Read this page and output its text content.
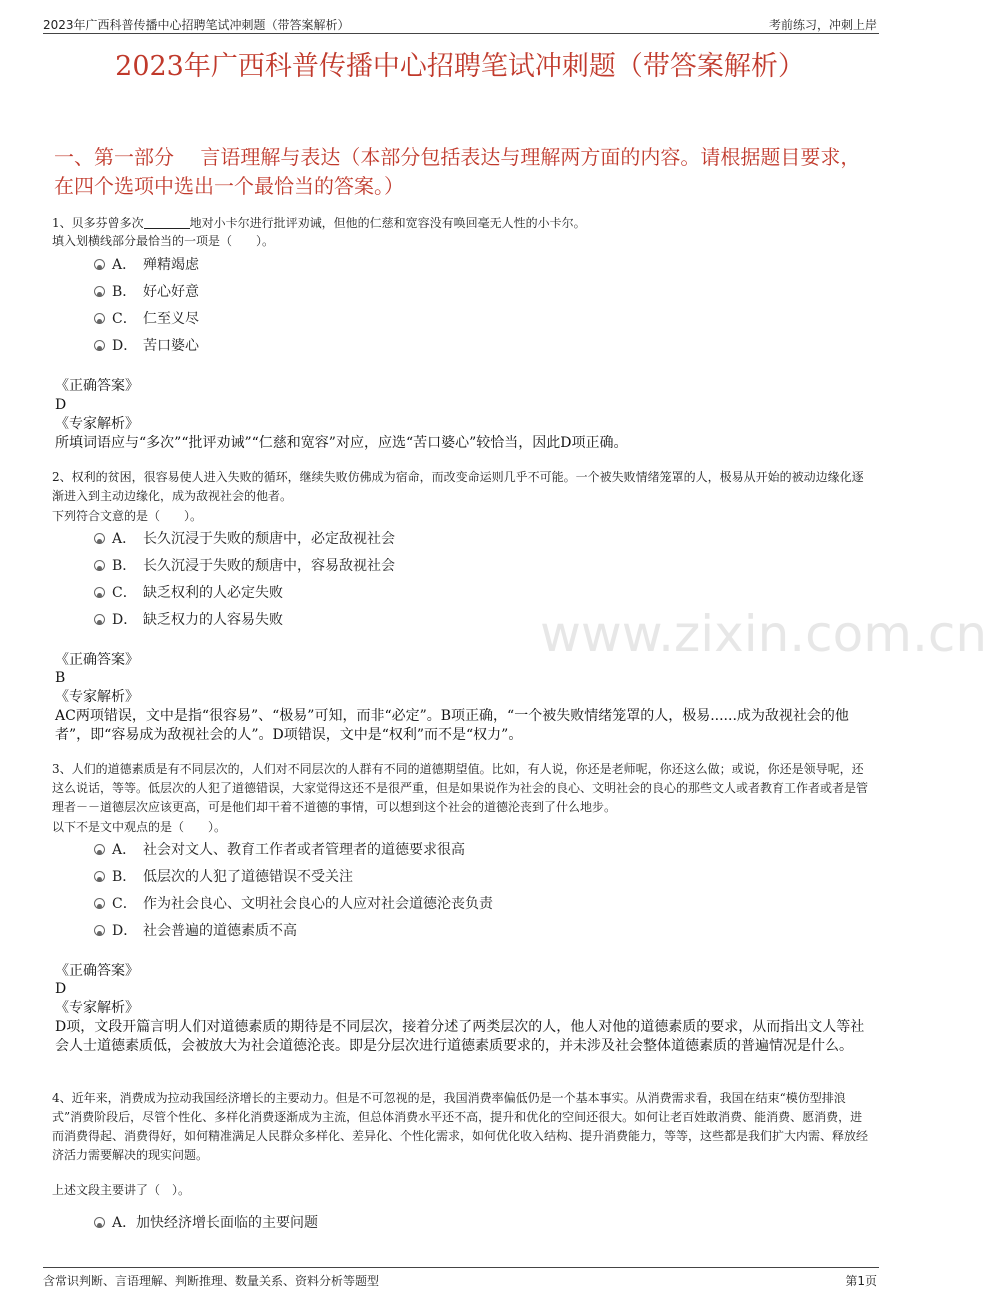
2023年广西科普传播中心招聘笔试冲刺题（带答案解析）	考前练习，冲刺上岸
2023年广西科普传播中心招聘笔试冲刺题（带答案解析）
一、第一部分　 言语理解与表达（本部分包括表达与理解两方面的内容。请根据题目要求，在四个选项中选出一个最恰当的答案。）
www.zixin.com.cn
1、贝多芬曾多次	地对小卡尔进行批评劝诫，但他的仁慈和宽容没有唤回毫无人性的小卡尔。
填入划横线部分最恰当的一项是（　　）。
A． 殚精竭虑
B． 好心好意
C． 仁至义尽
D． 苦口婆心
《正确答案》
D
《专家解析》
所填词语应与“多次”“批评劝诫”“仁慈和宽容”对应，应选“苦口婆心”较恰当，因此D项正确。
2、权利的贫困，很容易使人进入失败的循环，继续失败仿佛成为宿命，而改变命运则几乎不可能。一个被失败情绪笼罩的人，极易从开始的被动边缘化逐渐进入到主动边缘化，成为敌视社会的他者。
下列符合文意的是（　　）。
A． 长久沉浸于失败的颓唐中，必定敌视社会
B． 长久沉浸于失败的颓唐中，容易敌视社会
C． 缺乏权利的人必定失败
D． 缺乏权力的人容易失败
《正确答案》
B
《专家解析》
AC两项错误，文中是指“很容易”、“极易”可知，而非“必定”。B项正确，“一个被失败情绪笼罩的人，极易......成为敌视社会的他者”，即“容易成为敌视社会的人”。D项错误，文中是“权利”而不是“权力”。
3、人们的道德素质是有不同层次的，人们对不同层次的人群有不同的道德期望值。比如，有人说，你还是老师呢，你还这么做；或说，你还是领导呢，还这么说话，等等。低层次的人犯了道德错误，大家觉得这还不是很严重，但是如果说作为社会的良心、文明社会的良心的那些文人或者教育工作者或者是管理者－－道德层次应该更高，可是他们却干着不道德的事情，可以想到这个社会的道德沦丧到了什么地步。
以下不是文中观点的是（　　）。
A． 社会对文人、教育工作者或者管理者的道德要求很高
B． 低层次的人犯了道德错误不受关注
C． 作为社会良心、文明社会良心的人应对社会道德沦丧负责
D． 社会普遍的道德素质不高
《正确答案》
D
《专家解析》
D项，文段开篇言明人们对道德素质的期待是不同层次，接着分述了两类层次的人，他人对他的道德素质的要求，从而指出文人等社会人士道德素质低，会被放大为社会道德沦丧。即是分层次进行道德素质要求的，并未涉及社会整体道德素质的普遍情况是什么。
4、近年来，消费成为拉动我国经济增长的主要动力。但是不可忽视的是，我国消费率偏低仍是一个基本事实。从消费需求看，我国在结束“模仿型排浪式”消费阶段后，尽管个性化、多样化消费逐渐成为主流，但总体消费水平还不高，提升和优化的空间还很大。如何让老百姓敢消费、能消费、愿消费，进而消费得起、消费得好，如何精准满足人民群众多样化、差异化、个性化需求，如何优化收入结构、提升消费能力，等等，这些都是我们扩大内需、释放经济活力需要解决的现实问题。
上述文段主要讲了（　）。
A．加快经济增长面临的主要问题
含常识判断、言语理解、判断推理、数量关系、资料分析等题型	第1页
